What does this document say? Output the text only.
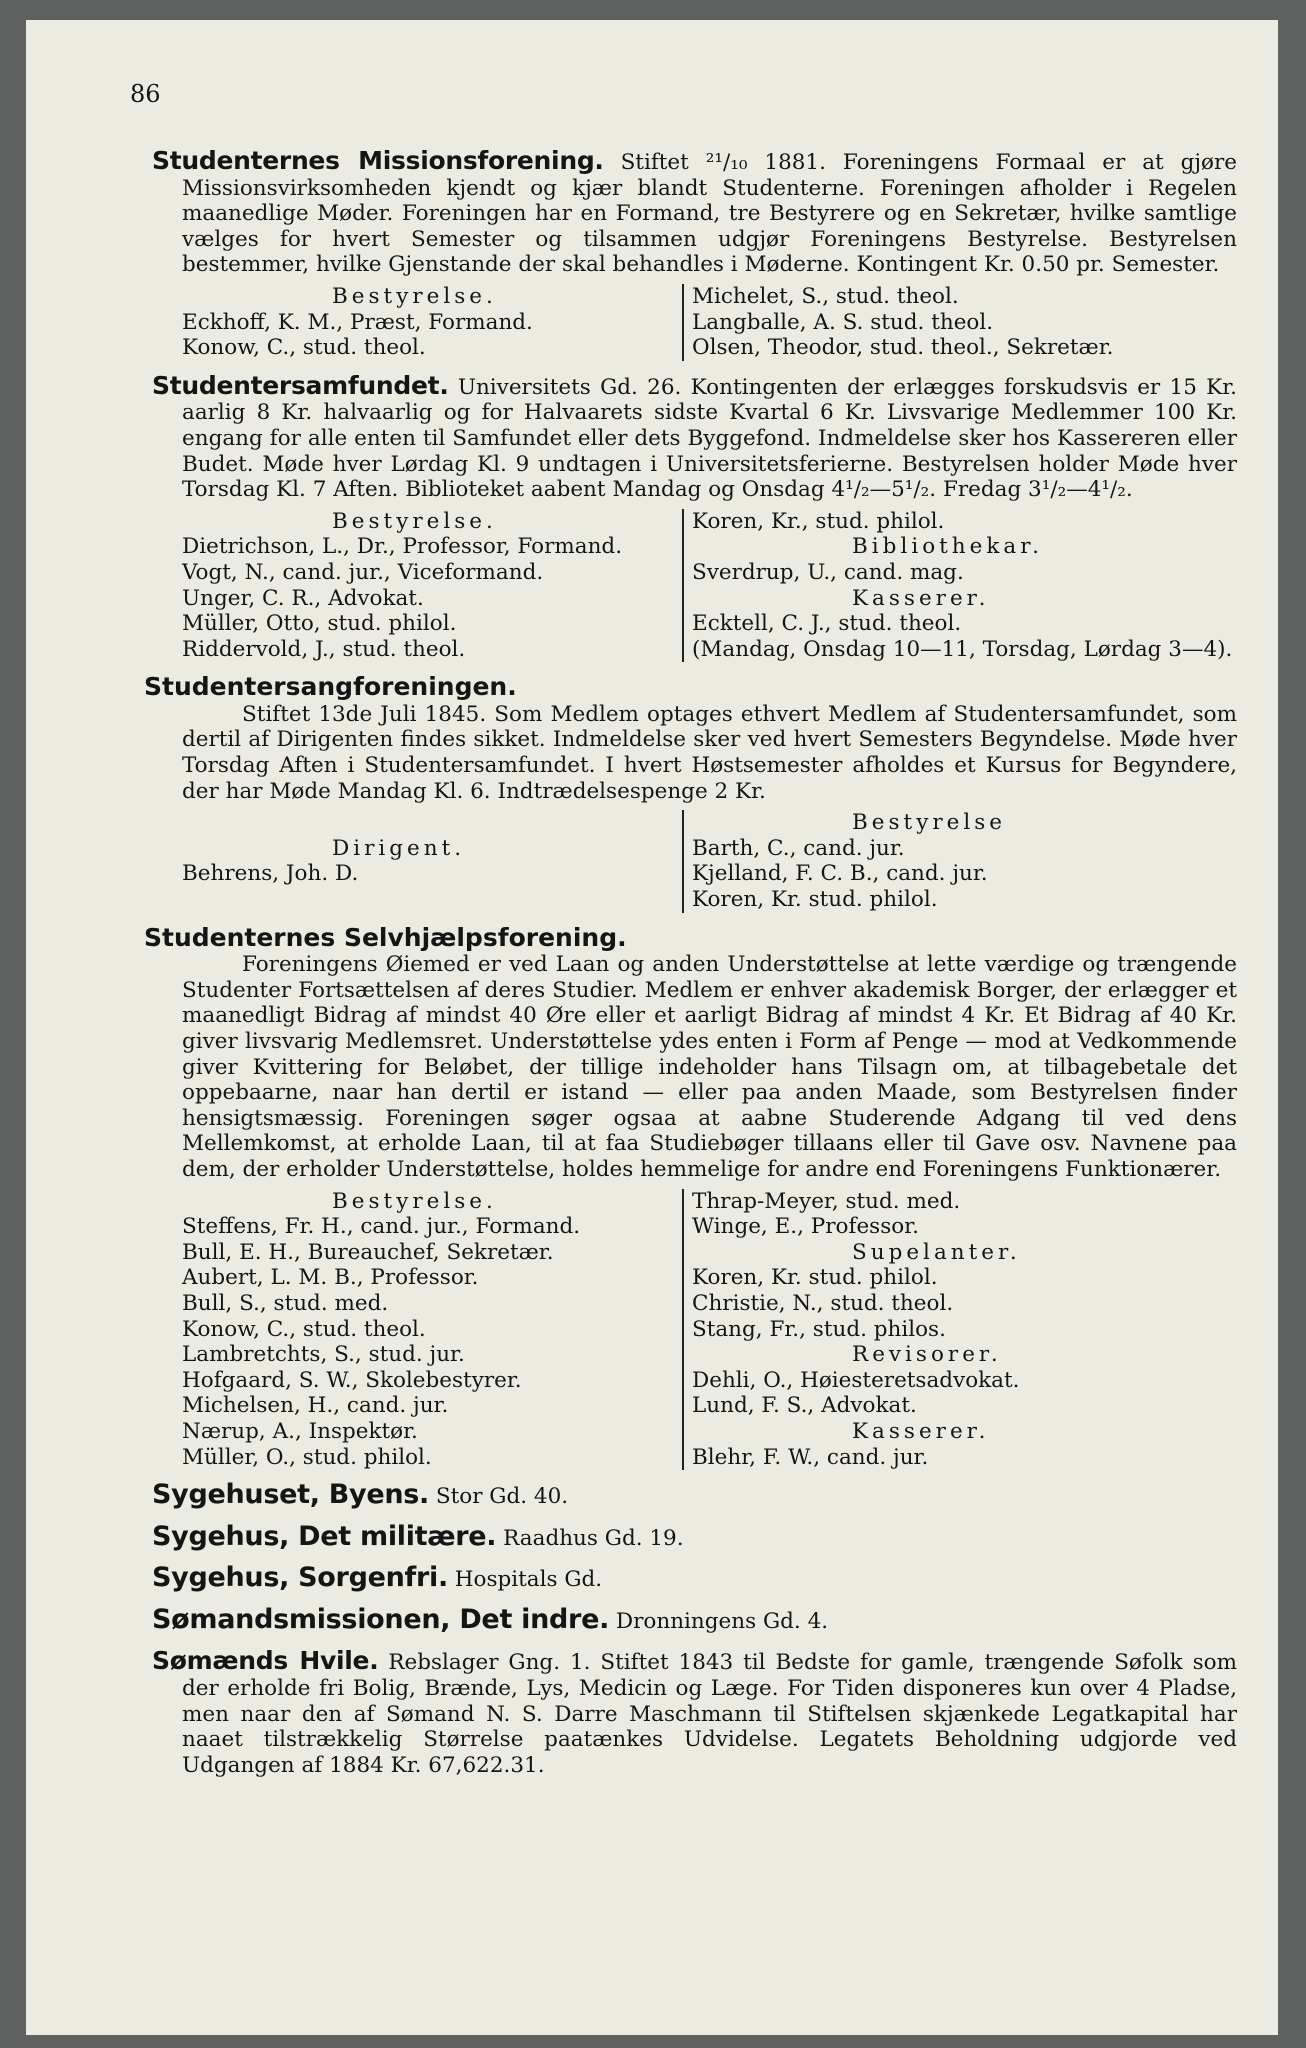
86

Studenternes Missionsforening. Stiftet ²¹/₁₀ 1881. Foreningens Formaal er at gjøre Missionsvirksomheden kjendt og kjær blandt Studenterne. Foreningen afholder i Regelen maanedlige Møder. Foreningen har en Formand, tre Bestyrere og en Sekretær, hvilke samtlige vælges for hvert Semester og tilsammen udgjør Foreningens Bestyrelse. Bestyrelsen bestemmer, hvilke Gjenstande der skal behandles i Møderne. Kontingent Kr. 0.50 pr. Semester.

Bestyrelse.
Eckhoff, K. M., Præst, Formand.
Konow, C., stud. theol.
Michelet, S., stud. theol.
Langballe, A. S. stud. theol.
Olsen, Theodor, stud. theol., Sekretær.

Studentersamfundet. Universitets Gd. 26. Kontingenten der erlægges forskudsvis er 15 Kr. aarlig 8 Kr. halvaarlig og for Halvaarets sidste Kvartal 6 Kr. Livsvarige Medlemmer 100 Kr. engang for alle enten til Samfundet eller dets Byggefond. Indmeldelse sker hos Kassereren eller Budet. Møde hver Lørdag Kl. 9 undtagen i Universitetsferierne. Bestyrelsen holder Møde hver Torsdag Kl. 7 Aften. Biblioteket aabent Mandag og Onsdag 4¹/₂—5¹/₂. Fredag 3¹/₂—4¹/₂.

Bestyrelse.
Dietrichson, L., Dr., Professor, Formand.
Vogt, N., cand. jur., Viceformand.
Unger, C. R., Advokat.
Müller, Otto, stud. philol.
Riddervold, J., stud. theol.
Koren, Kr., stud. philol.
Bibliothekar.
Sverdrup, U., cand. mag.
Kasserer.
Ecktell, C. J., stud. theol.
(Mandag, Onsdag 10—11, Torsdag, Lørdag 3—4).
Studentersangforeningen.

Stiftet 13de Juli 1845. Som Medlem optages ethvert Medlem af Studentersamfundet, som dertil af Dirigenten findes sikket. Indmeldelse sker ved hvert Semesters Begyndelse. Møde hver Torsdag Aften i Studentersamfundet. I hvert Høstsemester afholdes et Kursus for Begyndere, der har Møde Mandag Kl. 6. Indtrædelsespenge 2 Kr.

Dirigent.
Behrens, Joh. D.
Bestyrelse
Barth, C., cand. jur.
Kjelland, F. C. B., cand. jur.
Koren, Kr. stud. philol.
Studenternes Selvhjælpsforening.

Foreningens Øiemed er ved Laan og anden Understøttelse at lette værdige og trængende Studenter Fortsættelsen af deres Studier. Medlem er enhver akademisk Borger, der erlægger et maanedligt Bidrag af mindst 40 Øre eller et aarligt Bidrag af mindst 4 Kr. Et Bidrag af 40 Kr. giver livsvarig Medlemsret. Understøttelse ydes enten i Form af Penge — mod at Vedkommende giver Kvittering for Beløbet, der tillige indeholder hans Tilsagn om, at tilbagebetale det oppebaarne, naar han dertil er istand — eller paa anden Maade, som Bestyrelsen finder hensigtsmæssig. Foreningen søger ogsaa at aabne Studerende Adgang til ved dens Mellemkomst, at erholde Laan, til at faa Studiebøger tillaans eller til Gave osv. Navnene paa dem, der erholder Understøttelse, holdes hemmelige for andre end Foreningens Funktionærer.

Bestyrelse.
Steffens, Fr. H., cand. jur., Formand.
Bull, E. H., Bureauchef, Sekretær.
Aubert, L. M. B., Professor.
Bull, S., stud. med.
Konow, C., stud. theol.
Lambretchts, S., stud. jur.
Hofgaard, S. W., Skolebestyrer.
Michelsen, H., cand. jur.
Nærup, A., Inspektør.
Müller, O., stud. philol.
Thrap-Meyer, stud. med.
Winge, E., Professor.
Supelanter.
Koren, Kr. stud. philol.
Christie, N., stud. theol.
Stang, Fr., stud. philos.
Revisorer.
Dehli, O., Høiesteretsadvokat.
Lund, F. S., Advokat.
Kasserer.
Blehr, F. W., cand. jur.

Sygehuset, Byens. Stor Gd. 40.

Sygehus, Det militære. Raadhus Gd. 19.

Sygehus, Sorgenfri. Hospitals Gd.

Sømandsmissionen, Det indre. Dronningens Gd. 4.

Sømænds Hvile. Rebslager Gng. 1. Stiftet 1843 til Bedste for gamle, trængende Søfolk som der erholde fri Bolig, Brænde, Lys, Medicin og Læge. For Tiden disponeres kun over 4 Pladse, men naar den af Sømand N. S. Darre Maschmann til Stiftelsen skjænkede Legatkapital har naaet tilstrækkelig Størrelse paatænkes Udvidelse. Legatets Beholdning udgjorde ved Udgangen af 1884 Kr. 67,622.31.
